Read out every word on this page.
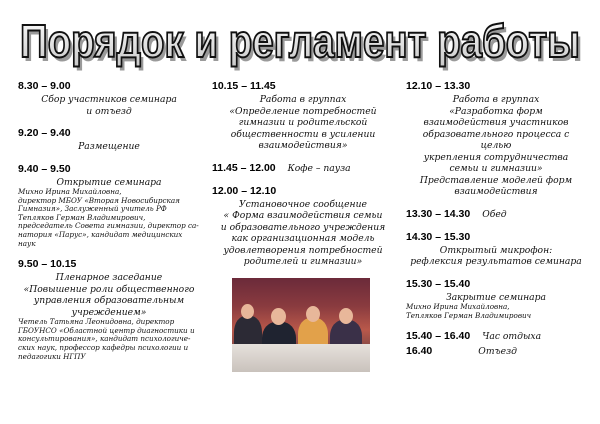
Порядок и регламент работы
Порядок и регламент работы

8.30 – 9.00

Сбор участников семинара

и отъезд

9.20 – 9.40

Размещение

9.40 – 9.50

Открытие семинара

Михно Ирина Михайловна,

директор МБОУ «Вторая Новосибирская

Гимназия», Заслуженный учитель РФ

Тепляков Герман Владимирович,

председатель Совета гимназии, директор са-

натория «Парус», кандидат медицинских наук

9.50 – 10.15

Пленарное заседание

«Повышение роли общественного

управления образовательным

учреждением»

Четель Татьяна Леонидовна, директор

ГБОУНСО «Областной центр диагностики и

консультирования», кандидат психологиче-

ских наук, профессор кафедры психологии и

педагогики НГПУ

10.15 – 11.45

Работа в группах

«Определение потребностей

гимназии и родительской

общественности в усилении

взаимодействия»

11.45 – 12.00 Кофе – пауза

12.00 – 12.10

Установочное сообщение

« Форма взаимодействия семьи

и образовательного учреждения

как организационная модель

удовлетворения потребностей

родителей и гимназии»

12.10 – 13.30

Работа в группах

«Разработка форм

взаимодействия участников

образовательного процесса с целью

укрепления сотрудничества

семьи и гимназии»

Представление моделей форм

взаимодействия

13.30 – 14.30 Обед

14.30 – 15.30

Открытый микрофон:

рефлексия результатов семинара

15.30 – 15.40

Закрытие семинара

Михно Ирина Михайловна,

Тепляков Герман Владимирович

15.40 – 16.40 Час отдыха

16.40	Отъезд
